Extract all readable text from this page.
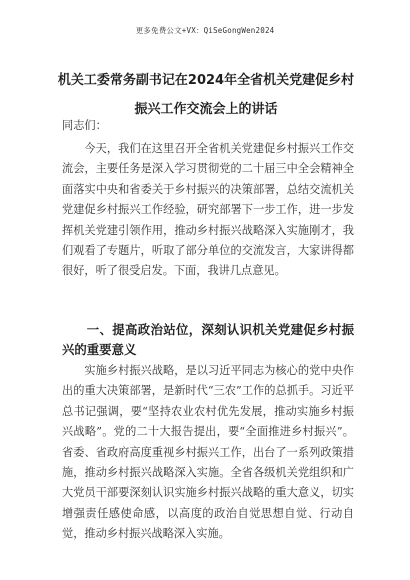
更多免费公文+VX：QiSeGongWen2024
机关工委常务副书记在2024年全省机关党建促乡村振兴工作交流会上的讲话
同志们：
今天，我们在这里召开全省机关党建促乡村振兴工作交流会，主要任务是深入学习贯彻党的二十届三中全会精神全面落实中央和省委关于乡村振兴的决策部署，总结交流机关党建促乡村振兴工作经验，研究部署下一步工作，进一步发挥机关党建引领作用，推动乡村振兴战略深入实施刚才，我们观看了专题片，听取了部分单位的交流发言，大家讲得都很好，听了很受启发。下面，我讲几点意见。
一、提高政治站位，深刻认识机关党建促乡村振兴的重要意义
实施乡村振兴战略，是以习近平同志为核心的党中央作出的重大决策部署，是新时代“三农”工作的总抓手。习近平总书记强调，要“坚持农业农村优先发展，推动实施乡村振兴战略”。党的二十大报告提出，要“全面推进乡村振兴”。省委、省政府高度重视乡村振兴工作，出台了一系列政策措施，推动乡村振兴战略深入实施。全省各级机关党组织和广大党员干部要深刻认识实施乡村振兴战略的重大意义，切实增强责任感使命感，以高度的政治自觉思想自觉、行动自觉，推动乡村振兴战略深入实施。
